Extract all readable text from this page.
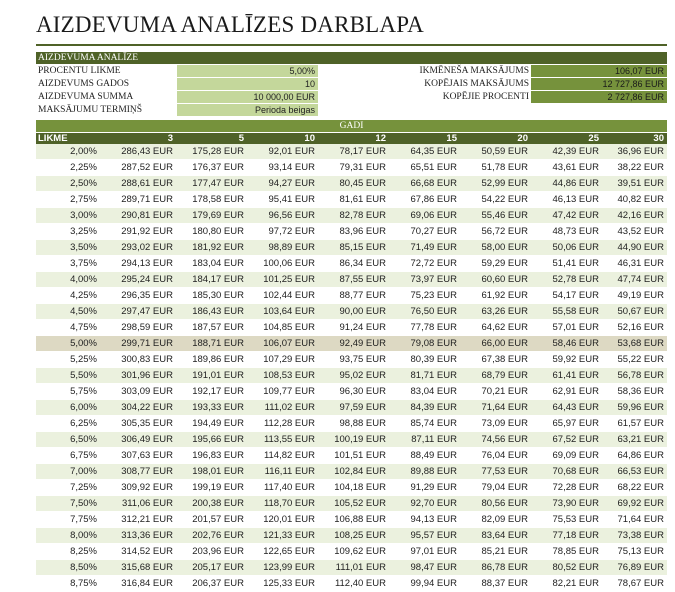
AIZDEVUMA ANALĪZES DARBLAPA
AIZDEVUMA ANALĪZE
PROCENTU LIKME	5,00%	IKMĒNEŠA MAKSĀJUMS	106,07 EUR
AIZDEVUMS GADOS	10	KOPĒJAIS MAKSĀJUMS	12 727,86 EUR
AIZDEVUMA SUMMA	10 000,00 EUR	KOPĒJIE PROCENTI	2 727,86 EUR
MAKSĀJUMU TERMIŅŠ	Perioda beigas
GADI
LIKME	3	5	10	12	15	20	25	30
2,00%	286,43 EUR	175,28 EUR	92,01 EUR	78,17 EUR	64,35 EUR	50,59 EUR	42,39 EUR	36,96 EUR
2,25%	287,52 EUR	176,37 EUR	93,14 EUR	79,31 EUR	65,51 EUR	51,78 EUR	43,61 EUR	38,22 EUR
2,50%	288,61 EUR	177,47 EUR	94,27 EUR	80,45 EUR	66,68 EUR	52,99 EUR	44,86 EUR	39,51 EUR
2,75%	289,71 EUR	178,58 EUR	95,41 EUR	81,61 EUR	67,86 EUR	54,22 EUR	46,13 EUR	40,82 EUR
3,00%	290,81 EUR	179,69 EUR	96,56 EUR	82,78 EUR	69,06 EUR	55,46 EUR	47,42 EUR	42,16 EUR
3,25%	291,92 EUR	180,80 EUR	97,72 EUR	83,96 EUR	70,27 EUR	56,72 EUR	48,73 EUR	43,52 EUR
3,50%	293,02 EUR	181,92 EUR	98,89 EUR	85,15 EUR	71,49 EUR	58,00 EUR	50,06 EUR	44,90 EUR
3,75%	294,13 EUR	183,04 EUR	100,06 EUR	86,34 EUR	72,72 EUR	59,29 EUR	51,41 EUR	46,31 EUR
4,00%	295,24 EUR	184,17 EUR	101,25 EUR	87,55 EUR	73,97 EUR	60,60 EUR	52,78 EUR	47,74 EUR
4,25%	296,35 EUR	185,30 EUR	102,44 EUR	88,77 EUR	75,23 EUR	61,92 EUR	54,17 EUR	49,19 EUR
4,50%	297,47 EUR	186,43 EUR	103,64 EUR	90,00 EUR	76,50 EUR	63,26 EUR	55,58 EUR	50,67 EUR
4,75%	298,59 EUR	187,57 EUR	104,85 EUR	91,24 EUR	77,78 EUR	64,62 EUR	57,01 EUR	52,16 EUR
5,00%	299,71 EUR	188,71 EUR	106,07 EUR	92,49 EUR	79,08 EUR	66,00 EUR	58,46 EUR	53,68 EUR
5,25%	300,83 EUR	189,86 EUR	107,29 EUR	93,75 EUR	80,39 EUR	67,38 EUR	59,92 EUR	55,22 EUR
5,50%	301,96 EUR	191,01 EUR	108,53 EUR	95,02 EUR	81,71 EUR	68,79 EUR	61,41 EUR	56,78 EUR
5,75%	303,09 EUR	192,17 EUR	109,77 EUR	96,30 EUR	83,04 EUR	70,21 EUR	62,91 EUR	58,36 EUR
6,00%	304,22 EUR	193,33 EUR	111,02 EUR	97,59 EUR	84,39 EUR	71,64 EUR	64,43 EUR	59,96 EUR
6,25%	305,35 EUR	194,49 EUR	112,28 EUR	98,88 EUR	85,74 EUR	73,09 EUR	65,97 EUR	61,57 EUR
6,50%	306,49 EUR	195,66 EUR	113,55 EUR	100,19 EUR	87,11 EUR	74,56 EUR	67,52 EUR	63,21 EUR
6,75%	307,63 EUR	196,83 EUR	114,82 EUR	101,51 EUR	88,49 EUR	76,04 EUR	69,09 EUR	64,86 EUR
7,00%	308,77 EUR	198,01 EUR	116,11 EUR	102,84 EUR	89,88 EUR	77,53 EUR	70,68 EUR	66,53 EUR
7,25%	309,92 EUR	199,19 EUR	117,40 EUR	104,18 EUR	91,29 EUR	79,04 EUR	72,28 EUR	68,22 EUR
7,50%	311,06 EUR	200,38 EUR	118,70 EUR	105,52 EUR	92,70 EUR	80,56 EUR	73,90 EUR	69,92 EUR
7,75%	312,21 EUR	201,57 EUR	120,01 EUR	106,88 EUR	94,13 EUR	82,09 EUR	75,53 EUR	71,64 EUR
8,00%	313,36 EUR	202,76 EUR	121,33 EUR	108,25 EUR	95,57 EUR	83,64 EUR	77,18 EUR	73,38 EUR
8,25%	314,52 EUR	203,96 EUR	122,65 EUR	109,62 EUR	97,01 EUR	85,21 EUR	78,85 EUR	75,13 EUR
8,50%	315,68 EUR	205,17 EUR	123,99 EUR	111,01 EUR	98,47 EUR	86,78 EUR	80,52 EUR	76,89 EUR
8,75%	316,84 EUR	206,37 EUR	125,33 EUR	112,40 EUR	99,94 EUR	88,37 EUR	82,21 EUR	78,67 EUR
